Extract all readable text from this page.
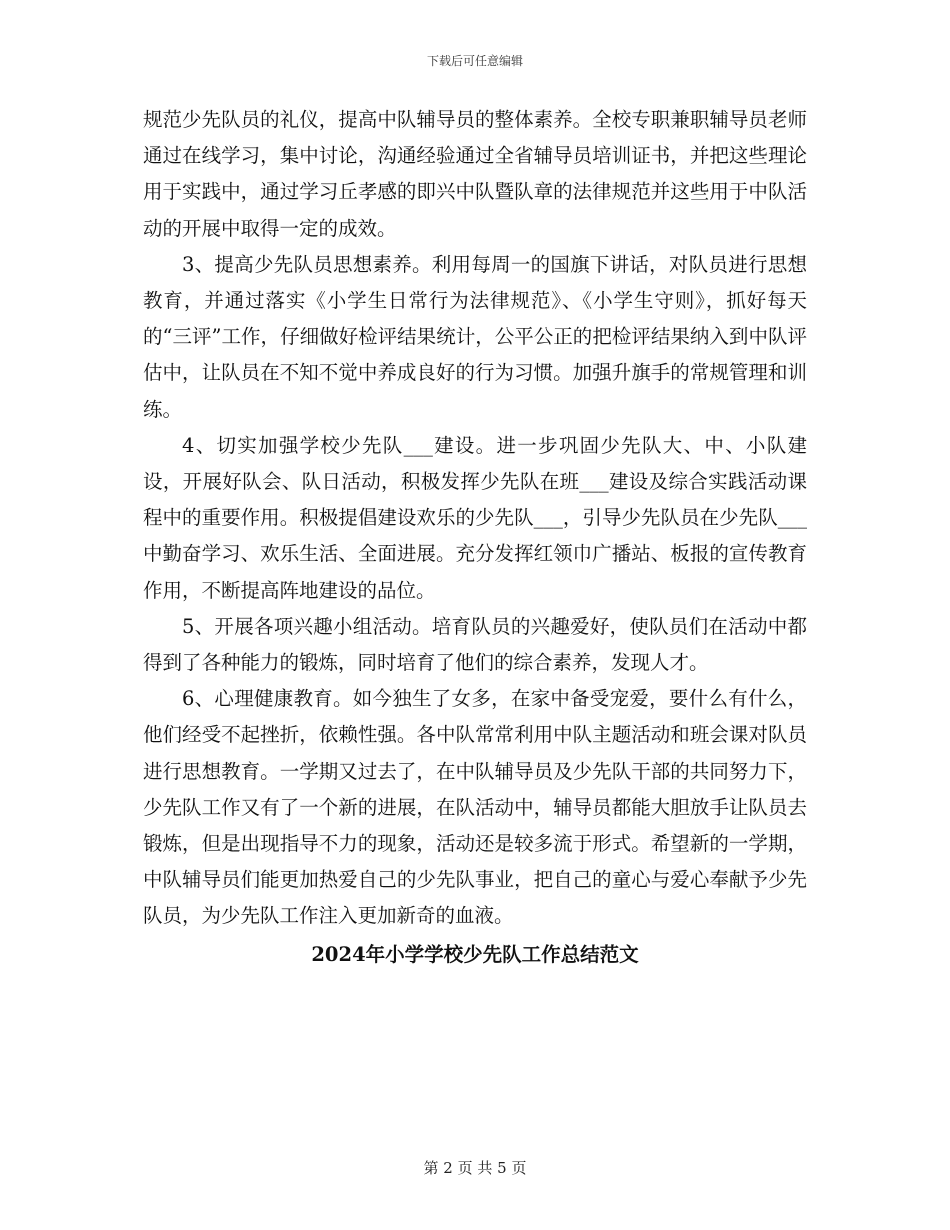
下载后可任意编辑

规范少先队员的礼仪，提高中队辅导员的整体素养。全校专职兼职辅导员老师通过在线学习，集中讨论，沟通经验通过全省辅导员培训证书，并把这些理论用于实践中，通过学习丘孝感的即兴中队暨队章的法律规范并这些用于中队活动的开展中取得一定的成效。

3、提高少先队员思想素养。利用每周一的国旗下讲话，对队员进行思想教育，并通过落实《小学生日常行为法律规范》、《小学生守则》，抓好每天的“三评”工作，仔细做好检评结果统计，公平公正的把检评结果纳入到中队评估中，让队员在不知不觉中养成良好的行为习惯。加强升旗手的常规管理和训练。

4、切实加强学校少先队___建设。进一步巩固少先队大、中、小队建设，开展好队会、队日活动，积极发挥少先队在班___建设及综合实践活动课程中的重要作用。积极提倡建设欢乐的少先队___，引导少先队员在少先队___中勤奋学习、欢乐生活、全面进展。充分发挥红领巾广播站、板报的宣传教育作用，不断提高阵地建设的品位。

5、开展各项兴趣小组活动。培育队员的兴趣爱好，使队员们在活动中都得到了各种能力的锻炼，同时培育了他们的综合素养，发现人才。

6、心理健康教育。如今独生了女多，在家中备受宠爱，要什么有什么，他们经受不起挫折，依赖性强。各中队常常利用中队主题活动和班会课对队员进行思想教育。一学期又过去了，在中队辅导员及少先队干部的共同努力下，少先队工作又有了一个新的进展，在队活动中，辅导员都能大胆放手让队员去锻炼，但是出现指导不力的现象，活动还是较多流于形式。希望新的一学期，中队辅导员们能更加热爱自己的少先队事业，把自己的童心与爱心奉献予少先队员，为少先队工作注入更加新奇的血液。

2024年小学学校少先队工作总结范文

第 2 页 共 5 页
